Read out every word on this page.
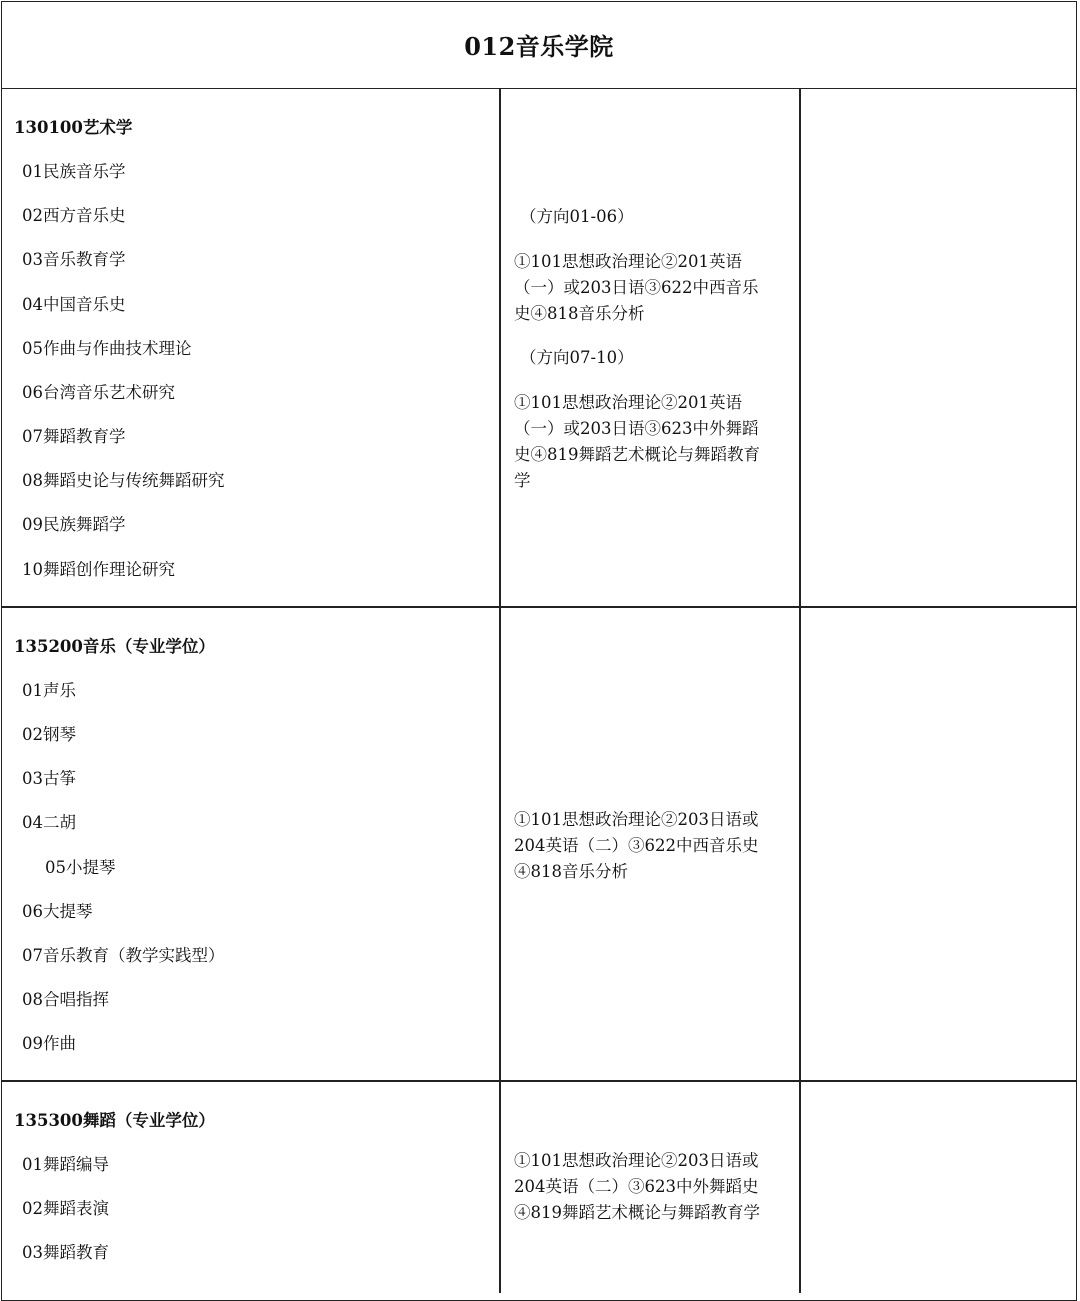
012音乐学院
130100艺术学
01民族音乐学
02西方音乐史
03音乐教育学
04中国音乐史
05作曲与作曲技术理论
06台湾音乐艺术研究
07舞蹈教育学
08舞蹈史论与传统舞蹈研究
09民族舞蹈学
10舞蹈创作理论研究
（方向01-06）
①101思想政治理论②201英语
（一）或203日语③622中西音乐
史④818音乐分析
（方向07-10）
①101思想政治理论②201英语
（一）或203日语③623中外舞蹈
史④819舞蹈艺术概论与舞蹈教育
学
135200音乐（专业学位）
01声乐
02钢琴
03古筝
04二胡
05小提琴
06大提琴
07音乐教育（教学实践型）
08合唱指挥
09作曲
①101思想政治理论②203日语或
204英语（二）③622中西音乐史
④818音乐分析
135300舞蹈（专业学位）
01舞蹈编导
02舞蹈表演
03舞蹈教育
①101思想政治理论②203日语或
204英语（二）③623中外舞蹈史
④819舞蹈艺术概论与舞蹈教育学
